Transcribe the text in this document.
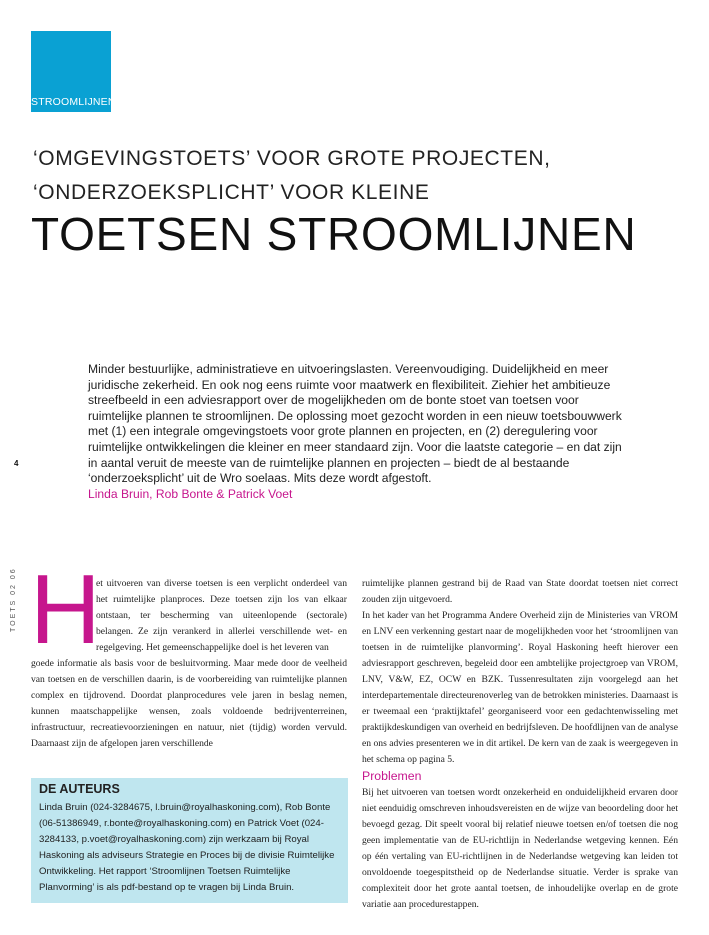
STROOMLIJNEN
‘OMGEVINGSTOETS’ VOOR GROTE PROJECTEN,
‘ONDERZOEKSPLICHT’ VOOR KLEINE
TOETSEN STROOMLIJNEN
Minder bestuurlijke, administratieve en uitvoeringslasten. Vereenvoudiging. Duidelijkheid en meer juridische zekerheid. En ook nog eens ruimte voor maatwerk en flexibiliteit. Ziehier het ambitieuze streefbeeld in een adviesrapport over de mogelijkheden om de bonte stoet van toetsen voor ruimtelijke plannen te stroomlijnen. De oplossing moet gezocht worden in een nieuw toetsbouwwerk met (1) een integrale omgevingstoets voor grote plannen en projecten, en (2) deregulering voor ruimtelijke ontwikkelingen die kleiner en meer standaard zijn. Voor die laatste categorie – en dat zijn in aantal veruit de meeste van de ruimtelijke plannen en projecten – biedt de al bestaande ‘onderzoeksplicht’ uit de Wro soelaas. Mits deze wordt afgestoft.
Linda Bruin, Rob Bonte & Patrick Voet
4
TOETS 02 06 H
et uitvoeren van diverse toetsen is een verplicht onderdeel van het ruimtelijke planproces. Deze toetsen zijn los van elkaar ontstaan, ter bescherming van uiteenlopende (sectorale) belangen. Ze zijn verankerd in allerlei verschillende wet- en regelgeving. Het gemeenschappelijke doel is het leveren van
goede informatie als basis voor de besluitvorming. Maar mede door de veelheid van toetsen en de verschillen daarin, is de voorbereiding van ruimtelijke plannen complex en tijdrovend. Doordat planprocedures vele jaren in beslag nemen, kunnen maatschappelijke wensen, zoals voldoende bedrijventerreinen, infrastructuur, recreatievoorzieningen en natuur, niet (tijdig) worden vervuld. Daarnaast zijn de afgelopen jaren verschillende
ruimtelijke plannen gestrand bij de Raad van State doordat toetsen niet correct zouden zijn uitgevoerd.
In het kader van het Programma Andere Overheid zijn de Ministeries van VROM en LNV een verkenning gestart naar de mogelijkheden voor het ‘stroomlijnen van toetsen in de ruimtelijke planvorming’. Royal Haskoning heeft hierover een adviesrapport geschreven, begeleid door een ambtelijke projectgroep van VROM, LNV, V&W, EZ, OCW en BZK. Tussenresultaten zijn voorgelegd aan het interdepartementale directeurenoverleg van de betrokken ministeries. Daarnaast is er tweemaal een ‘praktijktafel’ georganiseerd voor een gedachtenwisseling met praktijkdeskundigen van overheid en bedrijfsleven. De hoofdlijnen van de analyse en ons advies presenteren we in dit artikel. De kern van de zaak is weergegeven in het schema op pagina 5.
Problemen
Bij het uitvoeren van toetsen wordt onzekerheid en onduidelijkheid ervaren door niet eenduidig omschreven inhoudsvereisten en de wijze van beoordeling door het bevoegd gezag. Dit speelt vooral bij relatief nieuwe toetsen en/of toetsen die nog geen implementatie van de EU-richtlijn in Nederlandse wetgeving kennen. Eén op één vertaling van EU-richtlijnen in de Nederlandse wetgeving kan leiden tot onvoldoende toegespitstheid op de Nederlandse situatie. Verder is sprake van complexiteit door het grote aantal toetsen, de inhoudelijke overlap en de grote variatie aan procedurestappen.
DE AUTEURS

Linda Bruin (024-3284675, l.bruin@royalhaskoning.com), Rob Bonte (06-51386949, r.bonte@royalhaskoning.com) en Patrick Voet (024-3284133, p.voet@royalhaskoning.com) zijn werkzaam bij Royal Haskoning als adviseurs Strategie en Proces bij de divisie Ruimtelijke Ontwikkeling. Het rapport ‘Stroomlijnen Toetsen Ruimtelijke Planvorming’ is als pdf-bestand op te vragen bij Linda Bruin.
